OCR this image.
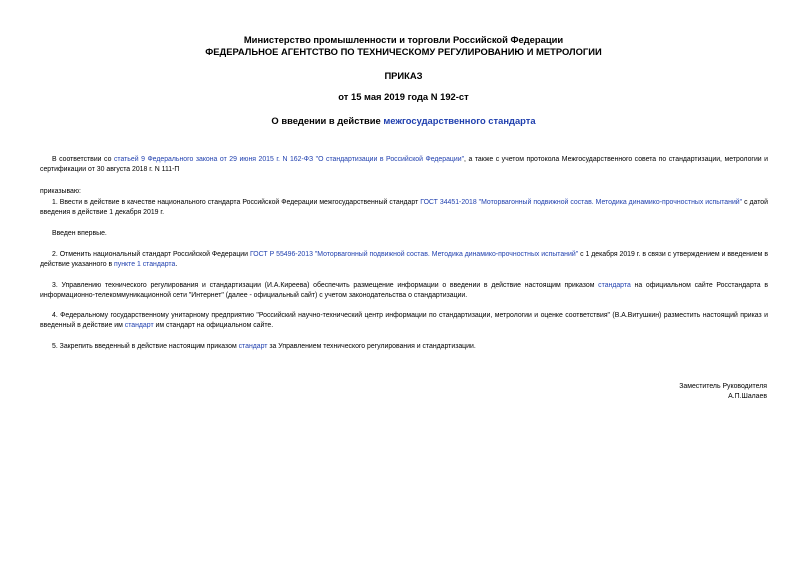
Министерство промышленности и торговли Российской Федерации
ФЕДЕРАЛЬНОЕ АГЕНТСТВО ПО ТЕХНИЧЕСКОМУ РЕГУЛИРОВАНИЮ И МЕТРОЛОГИИ
ПРИКАЗ
от 15 мая 2019 года N 192-ст
О введении в действие межгосударственного стандарта
В соответствии со статьей 9 Федерального закона от 29 июня 2015 г. N 162-ФЗ "О стандартизации в Российской Федерации", а также с учетом протокола Межгосударственного совета по стандартизации, метрологии и сертификации от 30 августа 2018 г. N 111-П
приказываю:
1. Ввести в действие в качестве национального стандарта Российской Федерации межгосударственный стандарт ГОСТ 34451-2018 "Моторвагонный подвижной состав. Методика динамико-прочностных испытаний" с датой введения в действие 1 декабря 2019 г.
Введен впервые.
2. Отменить национальный стандарт Российской Федерации ГОСТ Р 55496-2013 "Моторвагонный подвижной состав. Методика динамико-прочностных испытаний" с 1 декабря 2019 г. в связи с утверждением и введением в действие указанного в пункте 1 стандарта.
3. Управлению технического регулирования и стандартизации (И.А.Киреева) обеспечить размещение информации о введении в действие настоящим приказом стандарта на официальном сайте Росстандарта в информационно-телекоммуникационной сети "Интернет" (далее - официальный сайт) с учетом законодательства о стандартизации.
4. Федеральному государственному унитарному предприятию "Российский научно-технический центр информации по стандартизации, метрологии и оценке соответствия" (В.А.Витушкин) разместить настоящий приказ и введенный в действие им стандарт им стандарт на официальном сайте.
5. Закрепить введенный в действие настоящим приказом стандарт за Управлением технического регулирования и стандартизации.
Заместитель Руководителя
А.П.Шалаев
